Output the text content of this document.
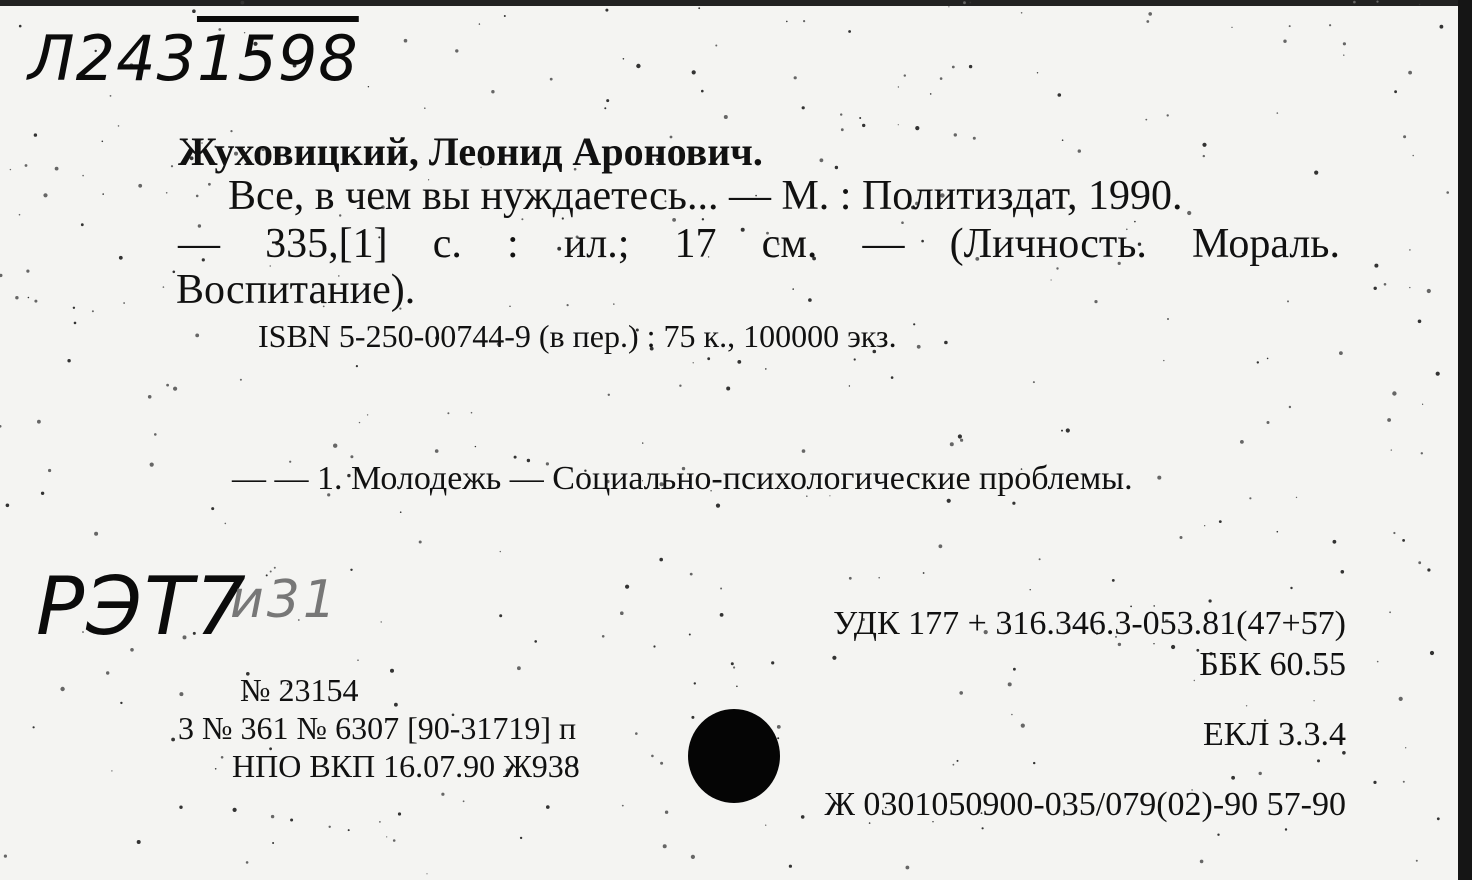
Л2431598
Жуховицкий, Леонид Аронович.
Все, в чем вы нуждаетесь... — М. : Политиздат, 1990.
— 335,[1] с. : ил.; 17 см. — (Личность. Мораль.
Воспитание).
ISBN 5-250-00744-9 (в пер.) : 75 к., 100000 экз.
— — 1. Молодежь — Социально-психологические проблемы.
РЭТ7
и31	УДК 177 + 316.346.3-053.81(47+57)
ББК 60.55
ЕКЛ 3.3.4
Ж 0301050900-035/079(02)-90 57-90
№ 23154
3 № 361 № 6307 [90-31719] п
НПО ВКП 16.07.90 Ж938
